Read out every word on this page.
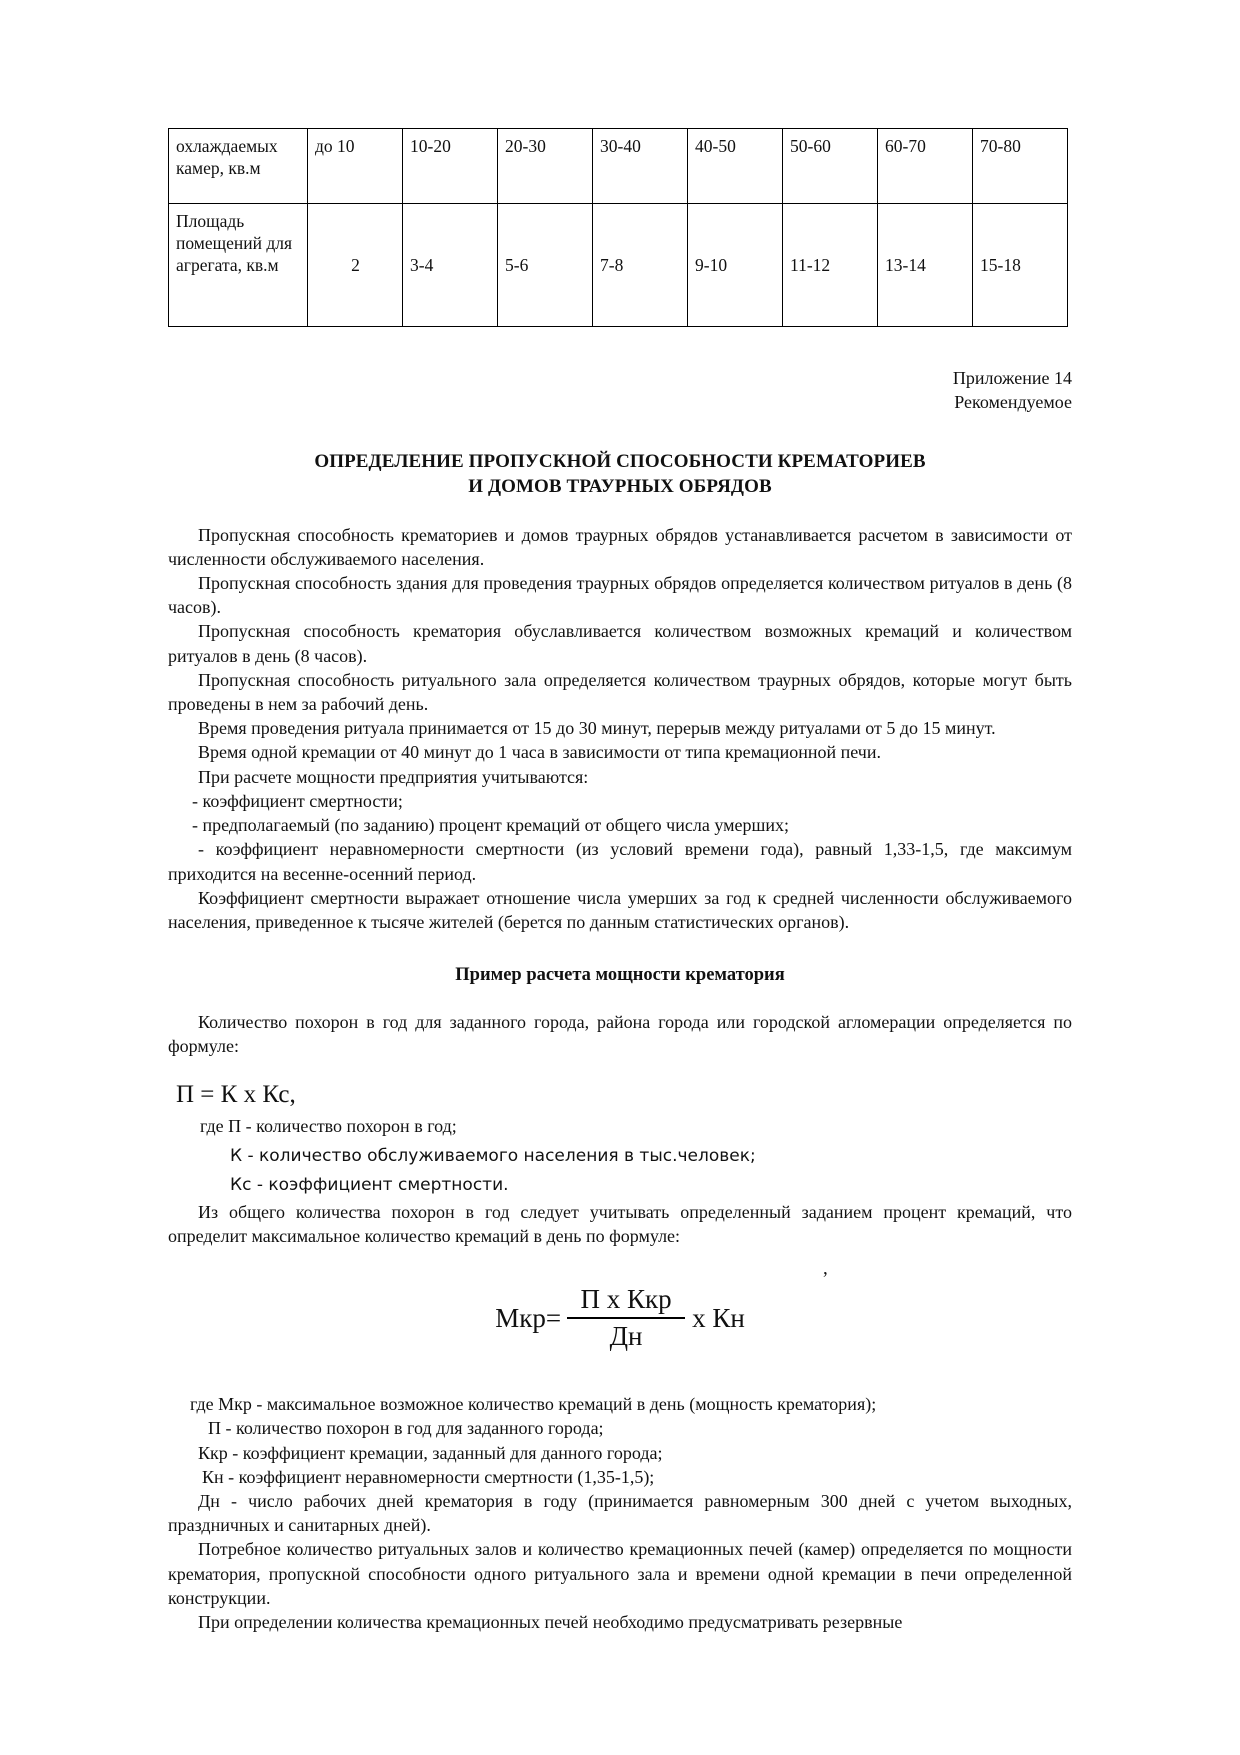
охлаждаемых камер, кв.м	до 10	10-20	20-30	30-40	40-50	50-60	60-70	70-80
Площадь помещений для агрегата, кв.м	2	3-4	5-6	7-8	9-10	11-12	13-14	15-18
Приложение 14
Рекомендуемое
ОПРЕДЕЛЕНИЕ ПРОПУСКНОЙ СПОСОБНОСТИ КРЕМАТОРИЕВ
И ДОМОВ ТРАУРНЫХ ОБРЯДОВ

Пропускная способность крематориев и домов траурных обрядов устанавливается расчетом в зависимости от численности обслуживаемого населения.

Пропускная способность здания для проведения траурных обрядов определяется количеством ритуалов в день (8 часов).

Пропускная способность крематория обуславливается количеством возможных кремаций и количеством ритуалов в день (8 часов).

Пропускная способность ритуального зала определяется количеством траурных обрядов, которые могут быть проведены в нем за рабочий день.

Время проведения ритуала принимается от 15 до 30 минут, перерыв между ритуалами от 5 до 15 минут.

Время одной кремации от 40 минут до 1 часа в зависимости от типа кремационной печи.

При расчете мощности предприятия учитываются:

- коэффициент смертности;

- предполагаемый (по заданию) процент кремаций от общего числа умерших;

- коэффициент неравномерности смертности (из условий времени года), равный 1,33-1,5, где максимум приходится на весенне-осенний период.

Коэффициент смертности выражает отношение числа умерших за год к средней численности обслуживаемого населения, приведенное к тысяче жителей (берется по данным статистических органов).

Пример расчета мощности крематория

Количество похорон в год для заданного города, района города или городской агломерации определяется по формуле:

П = К х Кс,
где П - количество похорон в год;
К - количество обслуживаемого населения в тыс.человек;
Кс - коэффициент смертности.

Из общего количества похорон в год следует учитывать определенный заданием процент кремаций, что определит максимальное количество кремаций в день по формуле:

,
$Мкр= \frac{\text{П х Ккр}}{Дн}$ х Кн

где Мкр - максимальное возможное количество кремаций в день (мощность крематория);

П - количество похорон в год для заданного города;

Ккр - коэффициент кремации, заданный для данного города;

Кн - коэффициент неравномерности смертности (1,35-1,5);

Дн - число рабочих дней крематория в году (принимается равномерным 300 дней с учетом выходных, праздничных и санитарных дней).

Потребное количество ритуальных залов и количество кремационных печей (камер) определяется по мощности крематория, пропускной способности одного ритуального зала и времени одной кремации в печи определенной конструкции.

При определении количества кремационных печей необходимо предусматривать резервные
